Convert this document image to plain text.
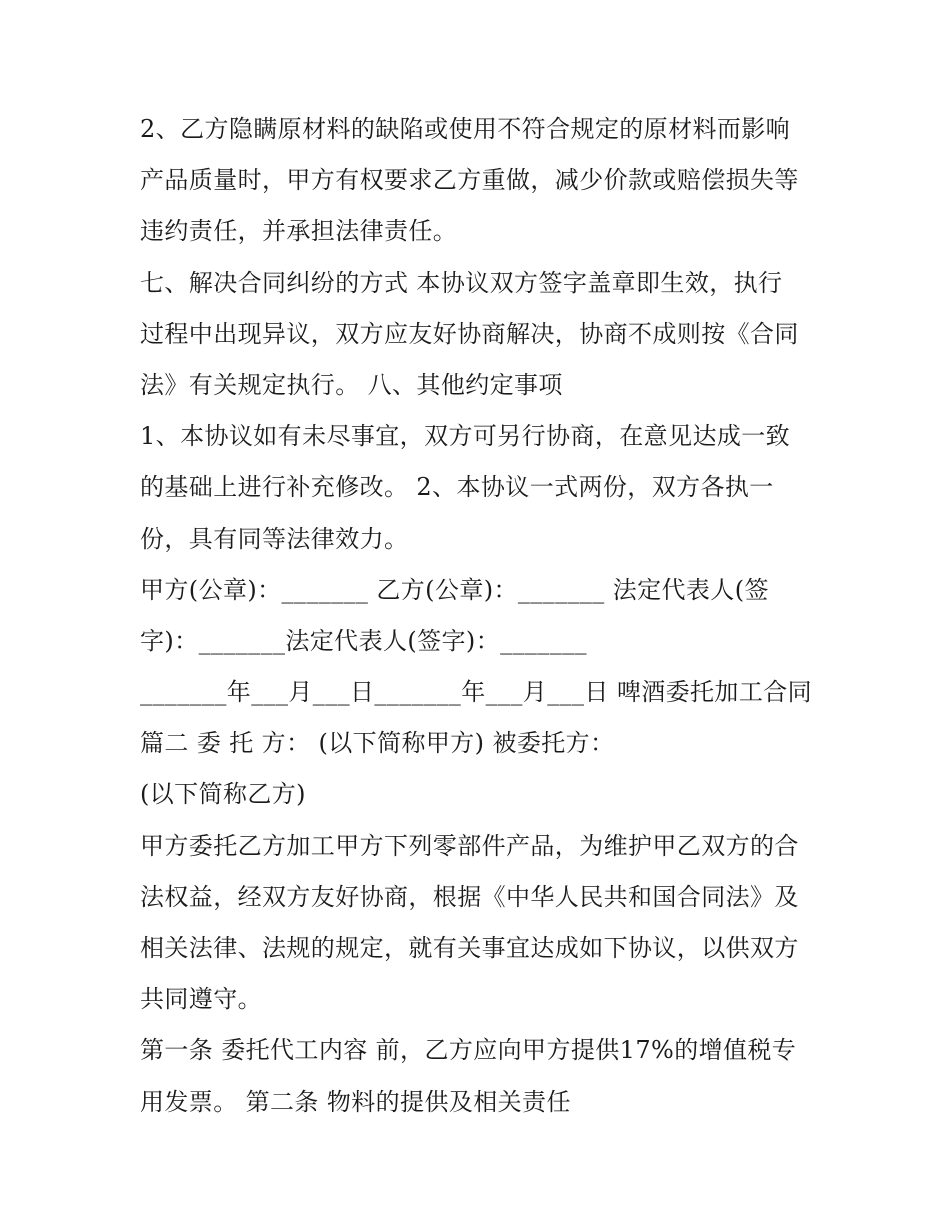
2、乙方隐瞒原材料的缺陷或使用不符合规定的原材料而影响
产品质量时，甲方有权要求乙方重做，减少价款或赔偿损失等
违约责任，并承担法律责任。
七、解决合同纠纷的方式 本协议双方签字盖章即生效，执行
过程中出现异议，双方应友好协商解决，协商不成则按《合同
法》有关规定执行。 八、其他约定事项
1、本协议如有未尽事宜，双方可另行协商，在意见达成一致
的基础上进行补充修改。 2、本协议一式两份，双方各执一
份，具有同等法律效力。
甲方(公章)：_______ 乙方(公章)：_______ 法定代表人(签
字)：_______法定代表人(签字)：_______
_______年___月___日_______年___月___日 啤酒委托加工合同
篇二 委 托 方： (以下简称甲方) 被委托方：
(以下简称乙方)
甲方委托乙方加工甲方下列零部件产品，为维护甲乙双方的合
法权益，经双方友好协商，根据《中华人民共和国合同法》及
相关法律、法规的规定，就有关事宜达成如下协议，以供双方
共同遵守。
第一条 委托代工内容 前，乙方应向甲方提供17%的增值税专
用发票。 第二条 物料的提供及相关责任
